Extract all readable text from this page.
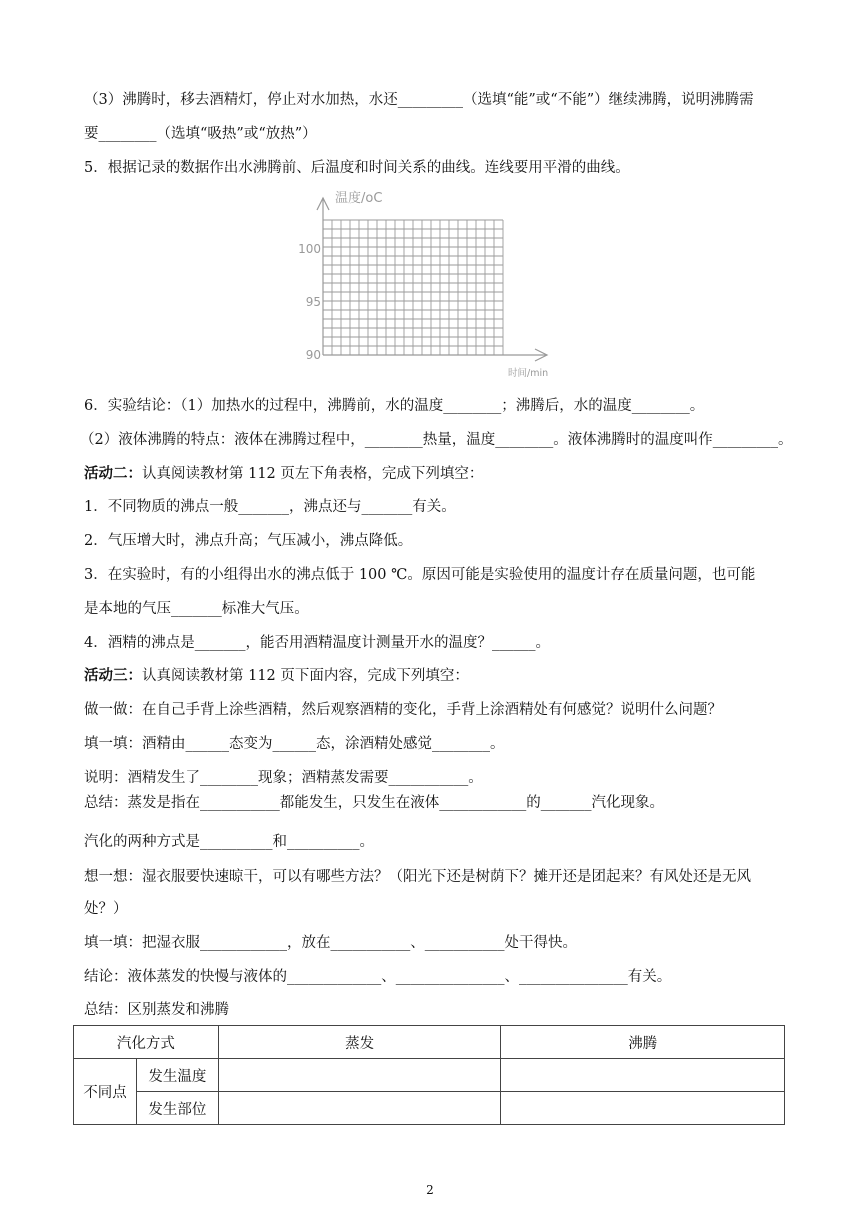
（3）沸腾时，移去酒精灯，停止对水加热，水还_________（选填“能”或“不能”）继续沸腾，说明沸腾需
要________（选填“吸热”或“放热”）
5．根据记录的数据作出水沸腾前、后温度和时间关系的曲线。连线要用平滑的曲线。
温度/oC
时间/min
100
95
90
6．实验结论：（1）加热水的过程中，沸腾前，水的温度________；沸腾后，水的温度________。
（2）液体沸腾的特点：液体在沸腾过程中，________热量，温度________。液体沸腾时的温度叫作_________。
活动二：认真阅读教材第 112 页左下角表格，完成下列填空：
1．不同物质的沸点一般_______，沸点还与_______有关。
2．气压增大时，沸点升高；气压减小，沸点降低。
3．在实验时，有的小组得出水的沸点低于 100 ℃。原因可能是实验使用的温度计存在质量问题，也可能
是本地的气压_______标准大气压。
4．酒精的沸点是_______，能否用酒精温度计测量开水的温度？______。
活动三：认真阅读教材第 112 页下面内容，完成下列填空：
做一做：在自己手背上涂些酒精，然后观察酒精的变化，手背上涂酒精处有何感觉？说明什么问题？
填一填：酒精由______态变为______态，涂酒精处感觉________。
说明：酒精发生了________现象；酒精蒸发需要___________。
总结：蒸发是指在___________都能发生，只发生在液体____________的_______汽化现象。
汽化的两种方式是__________和__________。
想一想：湿衣服要快速晾干，可以有哪些方法？（阳光下还是树荫下？摊开还是团起来？有风处还是无风
处？）
填一填：把湿衣服____________，放在___________、___________处干得快。
结论：液体蒸发的快慢与液体的_____________、_______________、_______________有关。
总结：区别蒸发和沸腾
汽化方式	蒸发	沸腾

不同点	发生温度
发生部位

2
